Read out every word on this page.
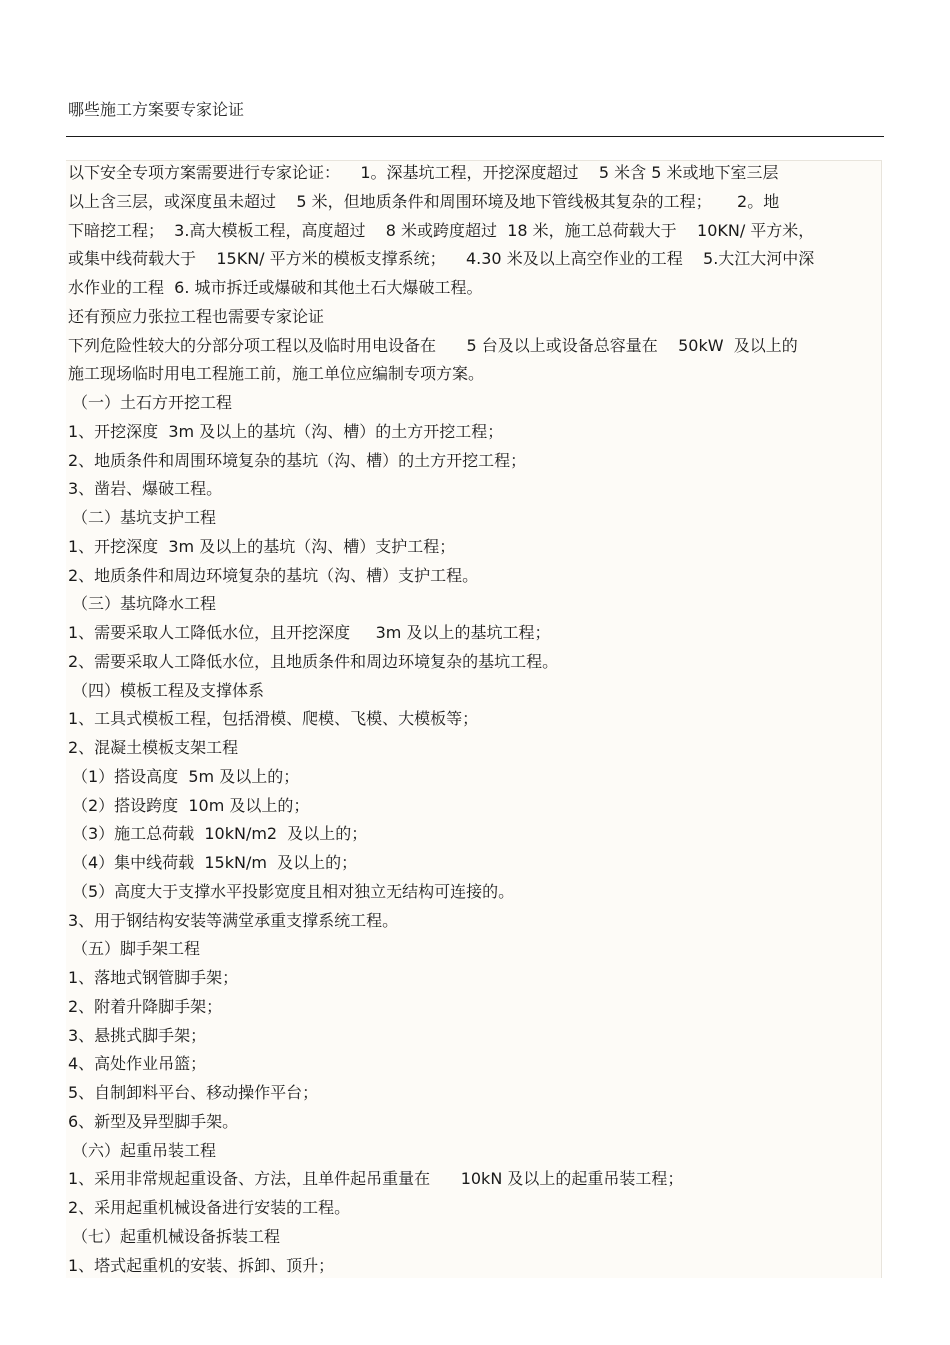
哪些施工方案要专家论证
以下安全专项方案需要进行专家论证：    1。深基坑工程，开挖深度超过    5 米含 5 米或地下室三层
以上含三层，或深度虽未超过    5 米，但地质条件和周围环境及地下管线极其复杂的工程；     2。地
下暗挖工程；  3.高大模板工程，高度超过    8 米或跨度超过  18 米，施工总荷载大于    10KN/ 平方米，
或集中线荷载大于    15KN/ 平方米的模板支撑系统；    4.30 米及以上高空作业的工程    5.大江大河中深
水作业的工程  6. 城市拆迁或爆破和其他土石大爆破工程。
还有预应力张拉工程也需要专家论证
下列危险性较大的分部分项工程以及临时用电设备在      5 台及以上或设备总容量在    50kW  及以上的
施工现场临时用电工程施工前，施工单位应编制专项方案。
（一）土石方开挖工程
1、开挖深度  3m 及以上的基坑（沟、槽）的土方开挖工程；
2、地质条件和周围环境复杂的基坑（沟、槽）的土方开挖工程；
3、凿岩、爆破工程。
（二）基坑支护工程
1、开挖深度  3m 及以上的基坑（沟、槽）支护工程；
2、地质条件和周边环境复杂的基坑（沟、槽）支护工程。
（三）基坑降水工程
1、需要采取人工降低水位，且开挖深度     3m 及以上的基坑工程；
2、需要采取人工降低水位，且地质条件和周边环境复杂的基坑工程。
（四）模板工程及支撑体系
1、工具式模板工程，包括滑模、爬模、飞模、大模板等；
2、混凝土模板支架工程
（1）搭设高度  5m 及以上的；
（2）搭设跨度  10m 及以上的；
（3）施工总荷载  10kN/m2  及以上的；
（4）集中线荷载  15kN/m  及以上的；
（5）高度大于支撑水平投影宽度且相对独立无结构可连接的。
3、用于钢结构安装等满堂承重支撑系统工程。
（五）脚手架工程
1、落地式钢管脚手架；
2、附着升降脚手架；
3、悬挑式脚手架；
4、高处作业吊篮；
5、自制卸料平台、移动操作平台；
6、新型及异型脚手架。
（六）起重吊装工程
1、采用非常规起重设备、方法，且单件起吊重量在      10kN 及以上的起重吊装工程；
2、采用起重机械设备进行安装的工程。
（七）起重机械设备拆装工程
1、塔式起重机的安装、拆卸、顶升；
